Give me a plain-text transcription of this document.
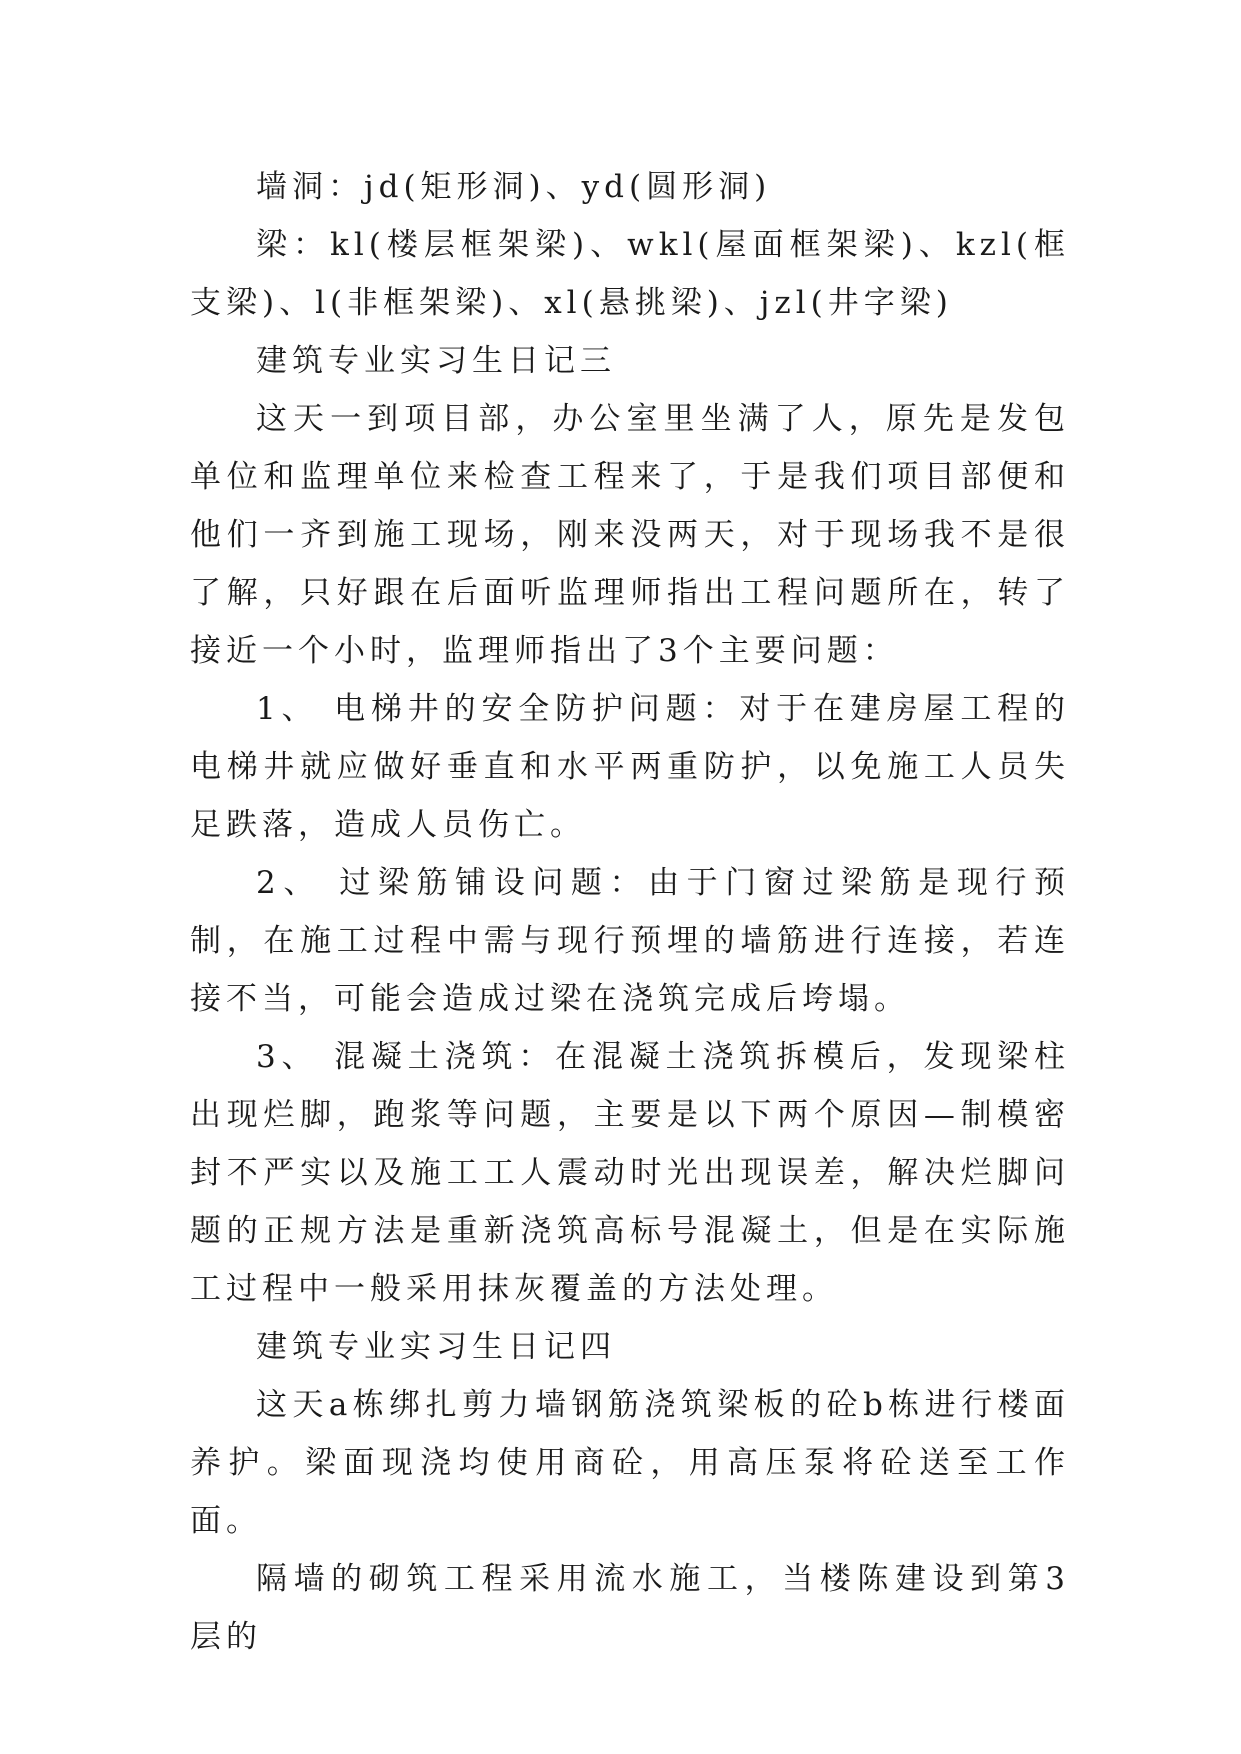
墙洞：jd(矩形洞)、yd(圆形洞)

梁：kl(楼层框架梁)、wkl(屋面框架梁)、kzl(框支梁)、l(非框架梁)、xl(悬挑梁)、jzl(井字梁)

建筑专业实习生日记三

这天一到项目部，办公室里坐满了人，原先是发包单位和监理单位来检查工程来了，于是我们项目部便和他们一齐到施工现场，刚来没两天，对于现场我不是很了解，只好跟在后面听监理师指出工程问题所在，转了接近一个小时，监理师指出了3个主要问题：

1、 电梯井的安全防护问题：对于在建房屋工程的电梯井就应做好垂直和水平两重防护，以免施工人员失足跌落，造成人员伤亡。

2、 过梁筋铺设问题：由于门窗过梁筋是现行预制，在施工过程中需与现行预埋的墙筋进行连接，若连接不当，可能会造成过梁在浇筑完成后垮塌。

3、 混凝土浇筑：在混凝土浇筑拆模后，发现梁柱出现烂脚，跑浆等问题，主要是以下两个原因—制模密封不严实以及施工工人震动时光出现误差，解决烂脚问题的正规方法是重新浇筑高标号混凝土，但是在实际施工过程中一般采用抹灰覆盖的方法处理。

建筑专业实习生日记四

这天a栋绑扎剪力墙钢筋浇筑梁板的砼b栋进行楼面养护。梁面现浇均使用商砼，用高压泵将砼送至工作面。

隔墙的砌筑工程采用流水施工，当楼陈建设到第3层的
